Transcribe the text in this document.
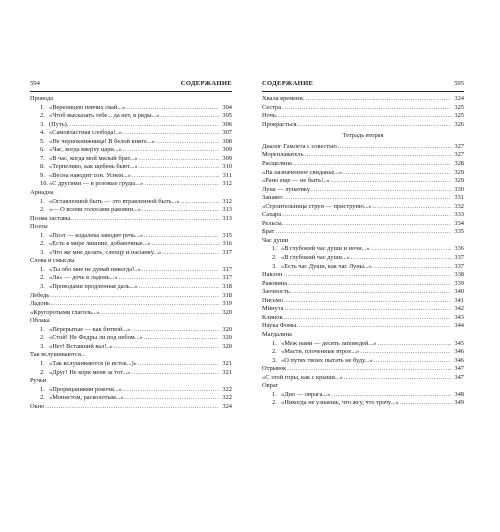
594	СОДЕРЖАНИЕ
Провода
1. «Вереницею певчих свай...» .....	304
2. «Чтоб высказать тебе... да нет, в ряды...» .....	305
3. (Путь). .....	306
4. «Самовластная слобода!..» .....	307
5. «Не чернокнижница! В белой книге...» .....	308
6. «Час, когда вверху цари...» .....	309
7. «В час, когда мой милый брат...» .....	309
8. «Терпеливо, как щебень бьют...» .....	310
9. «Весна наводит сон. Уснем...» .....	311
10. «С другими — в розовые груды...» .....	312
Ариадна
1. «Оставленной быть — это втравленной быть...» .....	312
2. «— О всеми голосами раковин...» .....	313
Поэма заставы. .....	313
Поэты
1. «Поэт — издалека заводит речь...» .....	315
2. «Есть в мире лишние, добавочные...» .....	316
3. «Что же мне делать, слепцу и пасынку...» .....	317
Слова и смыслы
1. «Ты обо мне не думай никогда!..» .....	317
2. «Ла» — дочь в ладонь...» .....	317
3. «Проводами продленная даль...» .....	318
Лебедь .....	318
Ладонь .....	319
«Кругоротыми глаголь...» .....	320
Облака
1. «Перерытые — как битвой...» .....	320
2. «Стой! Не Федры ли под небом...» .....	320
3. «Нет! Вставший вал!..» .....	320
Так вслушиваются...
1. «Так вслушиваются (в исток...)» .....	321
2. «Друг! Не кори меня за тот...» .....	321
Ручьи
1. «Прорицаниями рокочи...» .....	322
2. «Монистом, расколотым...» .....	322
Окно .....	324
СОДЕРЖАНИЕ	595
Хвала времени. .....	324
Сестра .....	325
Ночь. .....	325
Прокрасться. .....	326
Тетрадь вторая
Диалог Гамлета с совестью .....	327
Мореплаватель .....	327
Расщелина .....	328
«На назначенное свиданье...» .....	329
«Рано еще — не быть!..» .....	329
Луна — лунатику .....	330
Занавес .....	331
«Строительница струн — приструню...» .....	332
Сахара .....	333
Рельсы. .....	334
Брат .....	335
Час души
1. «В глубокий час души и ночи...» .....	336
2. «В глубокий час души...» .....	337
3. «Есть час Души, как час Луны...» .....	337
Наклон .....	338
Раковина .....	339
Заочность. .....	340
Письмо .....	341
Минута .....	342
Клинок .....	343
Наука Фомы. .....	344
Магдалина
1. «Меж нами — десять заповедей...» .....	345
2. «Масти, плоченные втрое...» .....	346
3. «О путях твоих пытать не буду...» .....	346
Отрывок .....	347
«С этой горы, как с крыши...» .....	347
Овраг
1. «Дно — оврага...» .....	348
2. «Никогда не узнаешь, что жгу, что трачу...» .....	349
